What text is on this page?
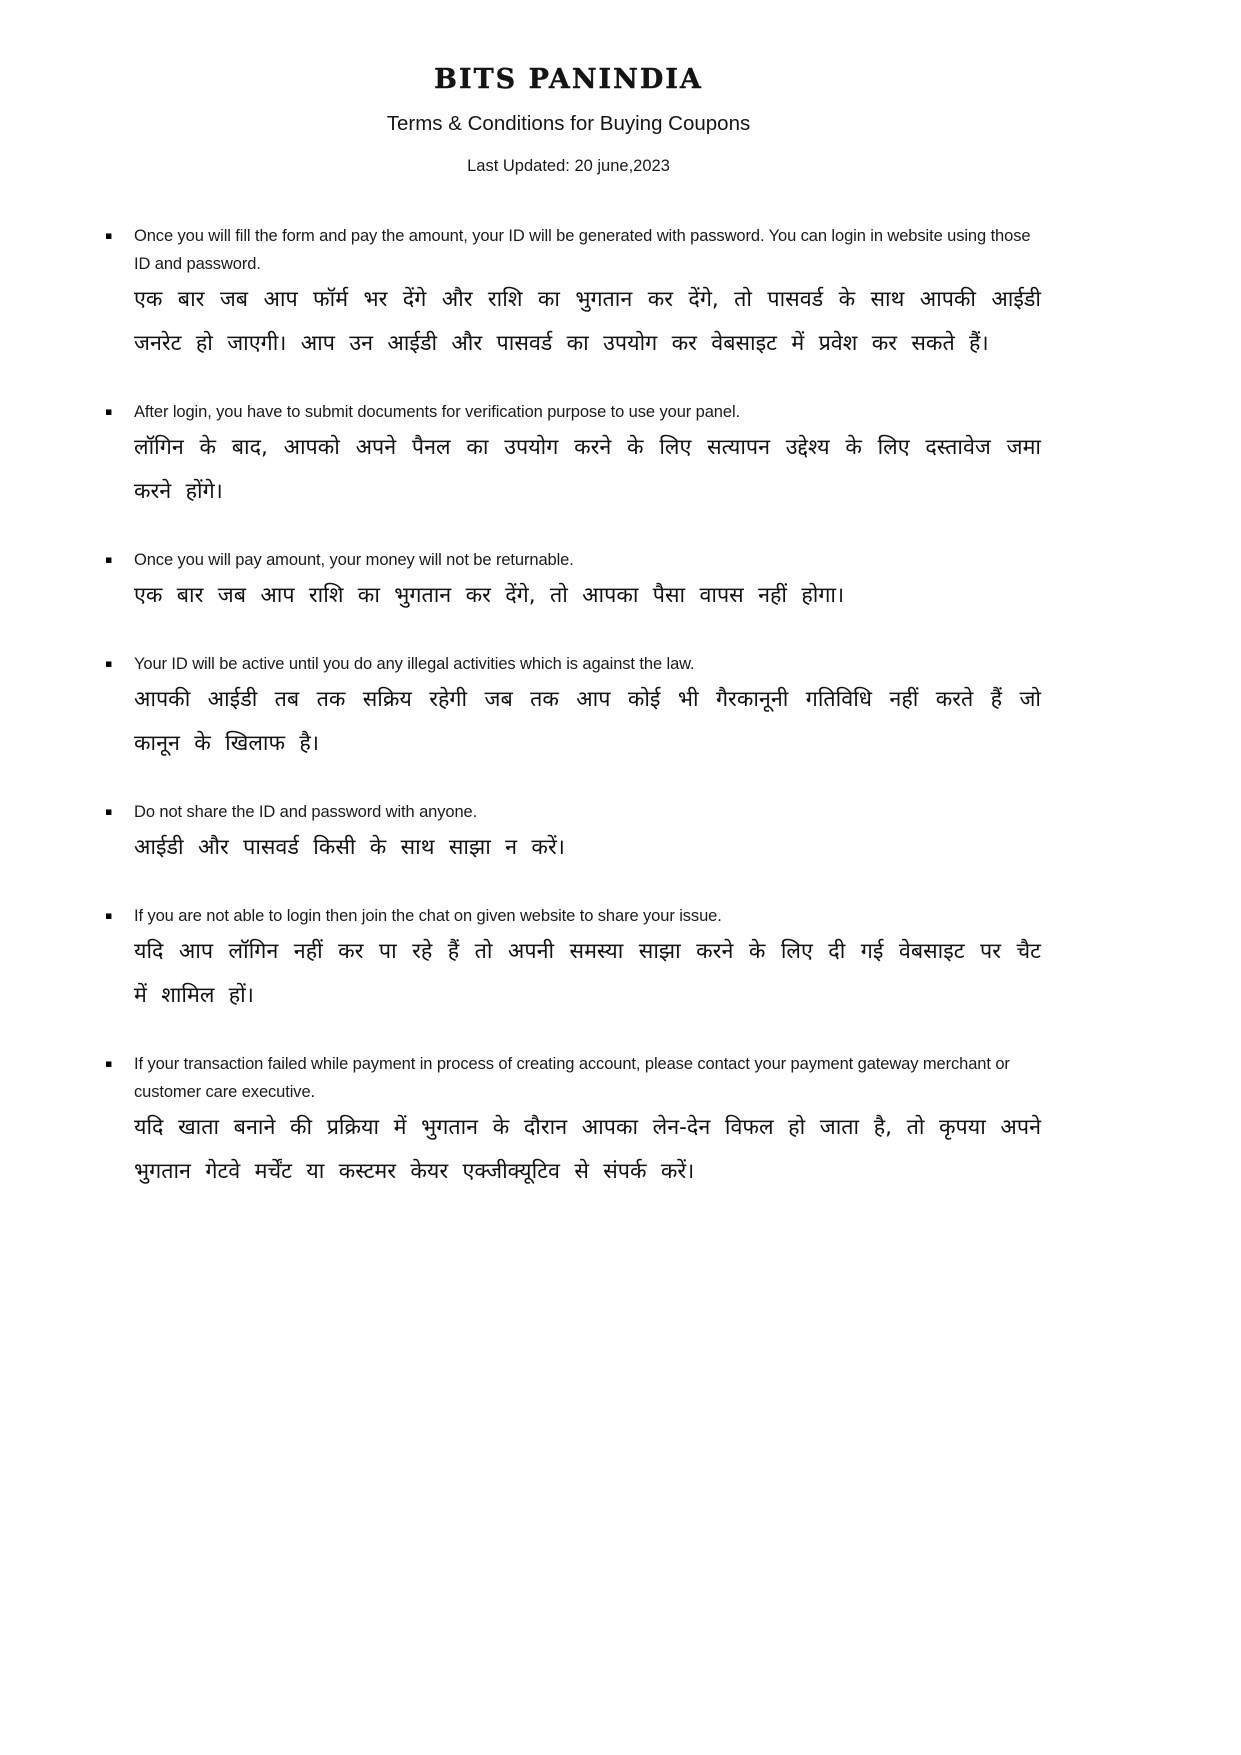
BITS PANINDIA
Terms & Conditions for Buying Coupons
Last Updated: 20 june,2023
▪ Once you will fill the form and pay the amount, your ID will be generated with password. You can login in website using those ID and password.
एक बार जब आप फॉर्म भर देंगे और राशि का भुगतान कर देंगे, तो पासवर्ड के साथ आपकी आईडी जनरेट हो जाएगी। आप उन आईडी और पासवर्ड का उपयोग कर वेबसाइट में प्रवेश कर सकते हैं।
▪ After login, you have to submit documents for verification purpose to use your panel.
लॉगिन के बाद, आपको अपने पैनल का उपयोग करने के लिए सत्यापन उद्देश्य के लिए दस्तावेज जमा करने होंगे।
▪ Once you will pay amount, your money will not be returnable.
एक बार जब आप राशि का भुगतान कर देंगे, तो आपका पैसा वापस नहीं होगा।
▪ Your ID will be active until you do any illegal activities which is against the law.
आपकी आईडी तब तक सक्रिय रहेगी जब तक आप कोई भी गैरकानूनी गतिविधि नहीं करते हैं जो कानून के खिलाफ है।
▪ Do not share the ID and password with anyone.
आईडी और पासवर्ड किसी के साथ साझा न करें।
▪ If you are not able to login then join the chat on given website to share your issue.
यदि आप लॉगिन नहीं कर पा रहे हैं तो अपनी समस्या साझा करने के लिए दी गई वेबसाइट पर चैट में शामिल हों।
▪ If your transaction failed while payment in process of creating account, please contact your payment gateway merchant or customer care executive.
यदि खाता बनाने की प्रक्रिया में भुगतान के दौरान आपका लेन-देन विफल हो जाता है, तो कृपया अपने भुगतान गेटवे मर्चेंट या कस्टमर केयर एक्जीक्यूटिव से संपर्क करें।
